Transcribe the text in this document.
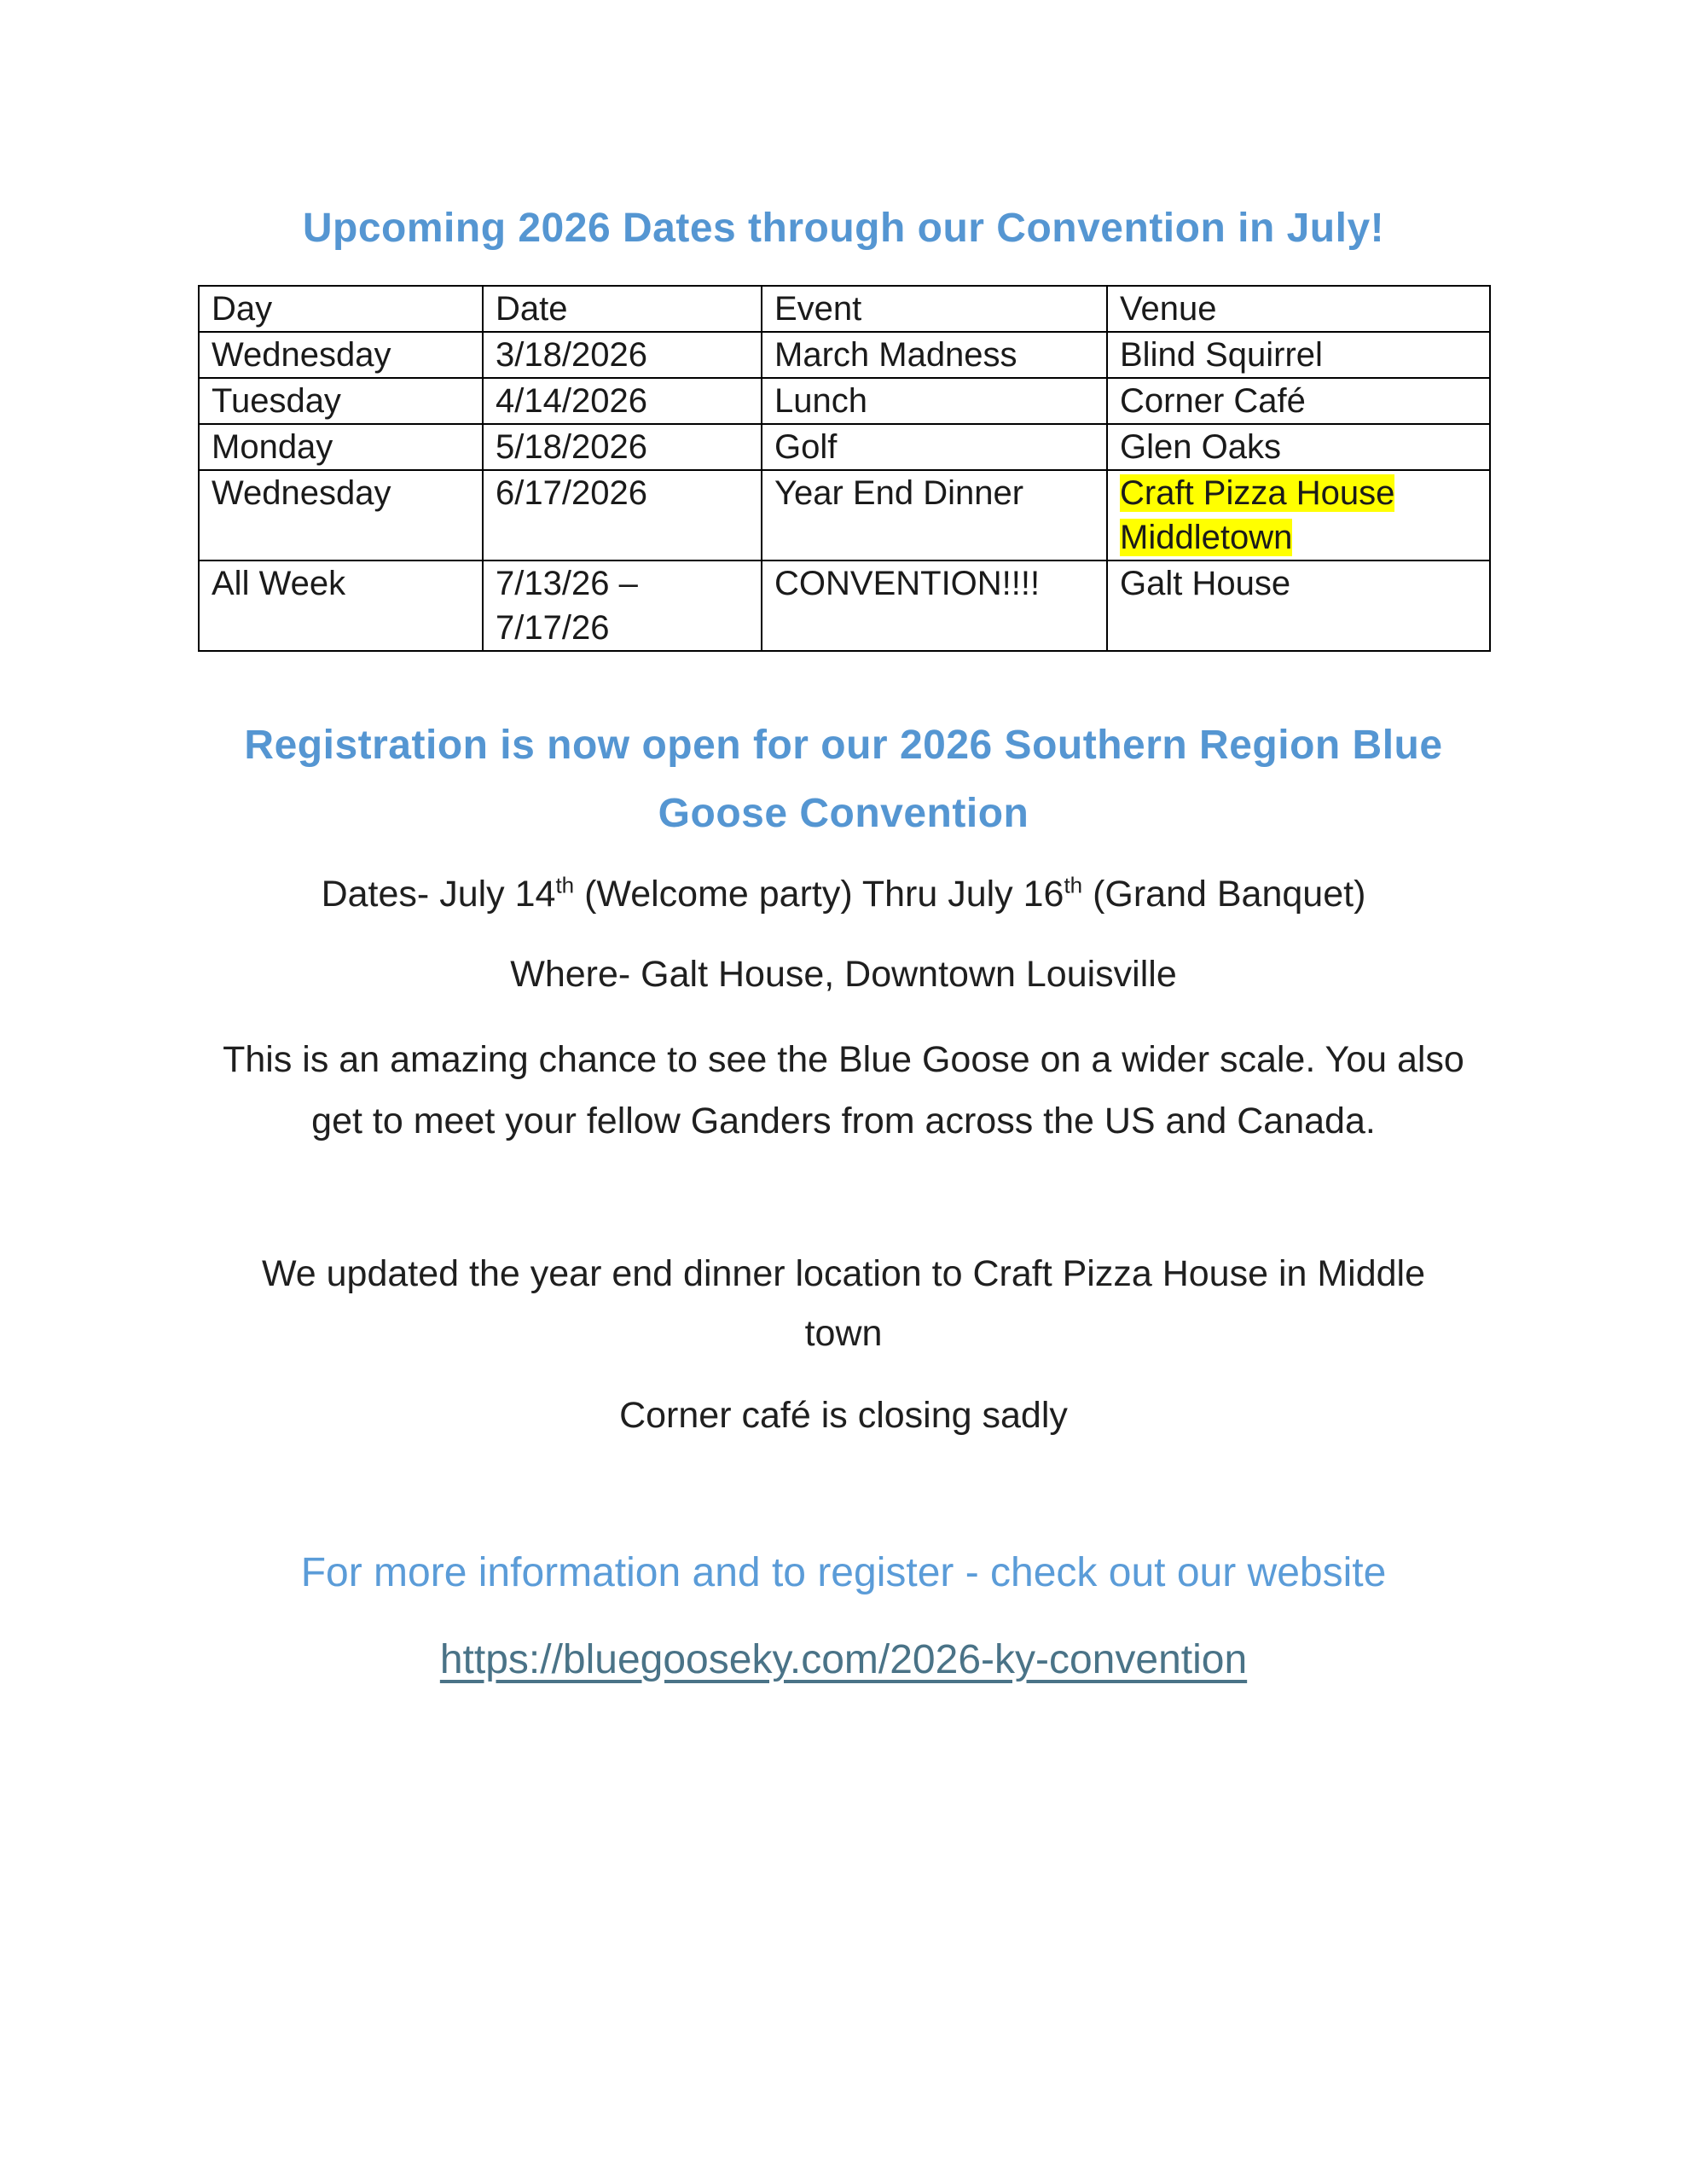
Upcoming 2026 Dates through our Convention in July!
Day	Date	Event	Venue
Wednesday	3/18/2026	March Madness	Blind Squirrel
Tuesday	4/14/2026	Lunch	Corner Café
Monday	5/18/2026	Golf	Glen Oaks
Wednesday	6/17/2026	Year End Dinner	Craft Pizza House Middletown
All Week	7/13/26 – 7/17/26	CONVENTION!!!!	Galt House
Registration is now open for our 2026 Southern Region Blue Goose Convention

Dates- July 14th (Welcome party) Thru July 16th (Grand Banquet)

Where- Galt House, Downtown Louisville

This is an amazing chance to see the Blue Goose on a wider scale. You also get to meet your fellow Ganders from across the US and Canada.

We updated the year end dinner location to Craft Pizza House in Middle town

Corner café is closing sadly

For more information and to register - check out our website

https://bluegooseky.com/2026-ky-convention
